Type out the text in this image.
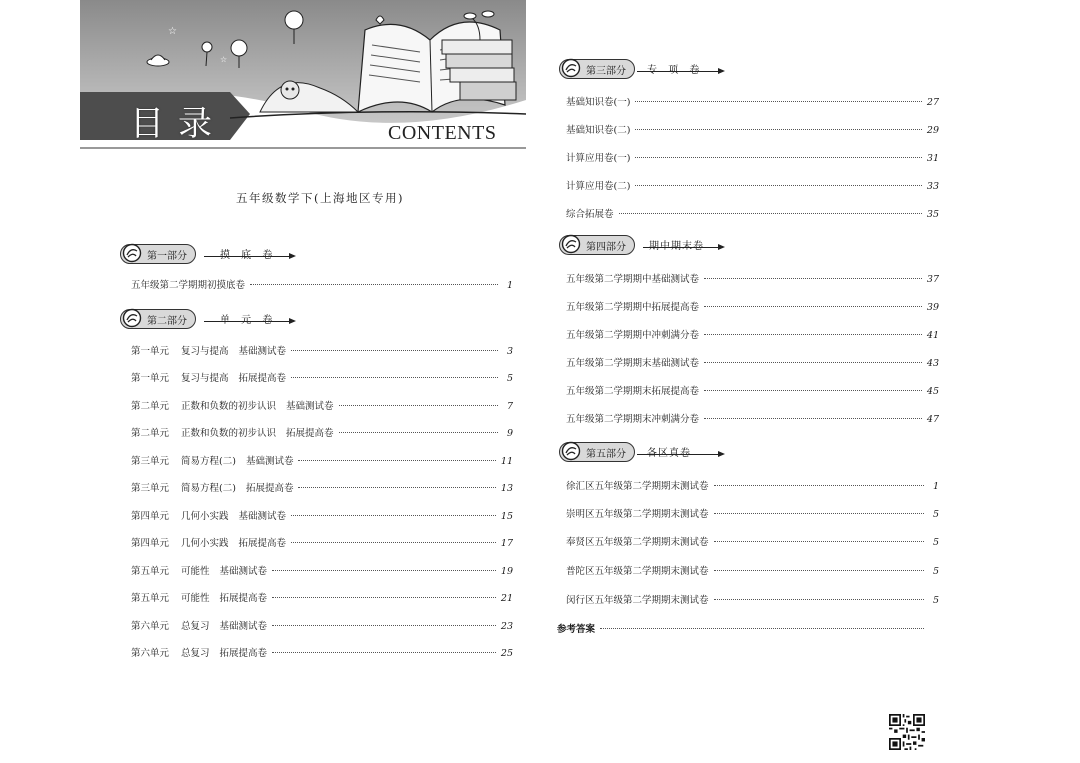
☆
☆
目录	CONTENTS
五年级数学下(上海地区专用)
第一部分	摸 底 卷
五年级第二学期期初摸底卷	1
第二部分	单 元 卷
第一单元 复习与提高 基础测试卷	3
第一单元 复习与提高 拓展提高卷	5
第二单元 正数和负数的初步认识 基础测试卷	7
第二单元 正数和负数的初步认识 拓展提高卷	9
第三单元 简易方程(二) 基础测试卷	11
第三单元 简易方程(二) 拓展提高卷	13
第四单元 几何小实践 基础测试卷	15
第四单元 几何小实践 拓展提高卷	17
第五单元 可能性 基础测试卷	19
第五单元 可能性 拓展提高卷	21
第六单元 总复习 基础测试卷	23
第六单元 总复习 拓展提高卷	25
第三部分 专 项 卷
基础知识卷(一)	27
基础知识卷(二)	29
计算应用卷(一)	31
计算应用卷(二)	33
综合拓展卷	35
第四部分 期中期末卷
五年级第二学期期中基础测试卷	37
五年级第二学期期中拓展提高卷	39
五年级第二学期期中冲刺满分卷	41
五年级第二学期期末基础测试卷	43
五年级第二学期期末拓展提高卷	45
五年级第二学期期末冲刺满分卷	47
第五部分 各区真卷
徐汇区五年级第二学期期末测试卷	1
崇明区五年级第二学期期末测试卷	5
奉贤区五年级第二学期期末测试卷	5
普陀区五年级第二学期期末测试卷	5
闵行区五年级第二学期期末测试卷	5
参考答案
